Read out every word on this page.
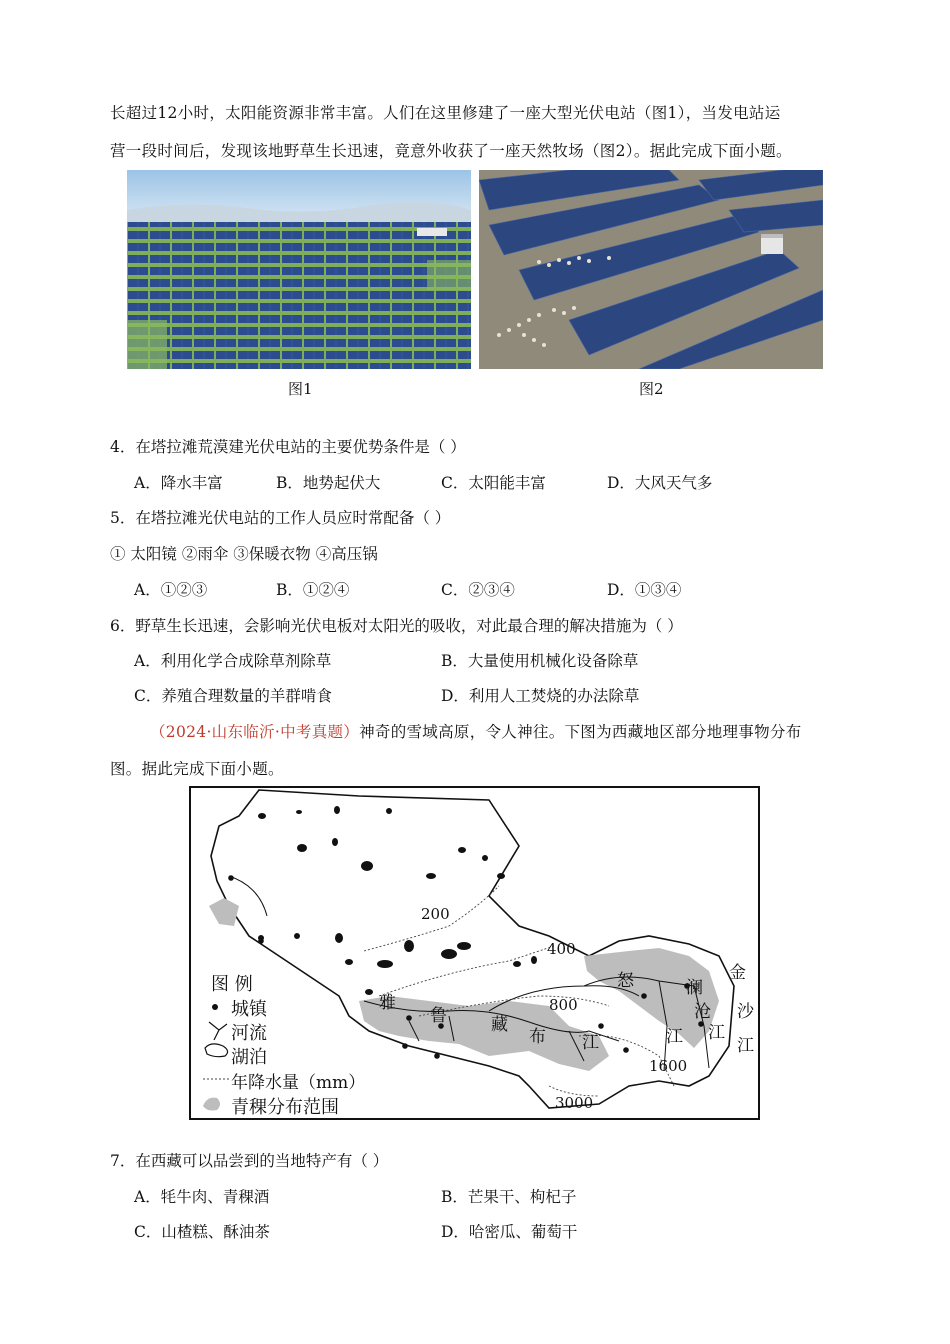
长超过12小时，太阳能资源非常丰富。人们在这里修建了一座大型光伏电站（图1），当发电站运
营一段时间后，发现该地野草生长迅速，竟意外收获了一座天然牧场（图2）。据此完成下面小题。
图1	图2
4．在塔拉滩荒漠建光伏电站的主要优势条件是（ ）
A．降水丰富	B．地势起伏大	C．太阳能丰富	D．大风天气多
5．在塔拉滩光伏电站的工作人员应时常配备（ ）
① 太阳镜 ②雨伞 ③保暖衣物 ④高压锅
A．①②③	B．①②④	C．②③④	D．①③④
6．野草生长迅速，会影响光伏电板对太阳光的吸收，对此最合理的解决措施为（ ）
A．利用化学合成除草剂除草	B．大量使用机械化设备除草
C．养殖合理数量的羊群啃食	D．利用人工焚烧的办法除草
（2024·山东临沂·中考真题）神奇的雪域高原，令人神往。下图为西藏地区部分地理事物分布
图。据此完成下面小题。
图 例
城镇
河流
湖泊
年降水量（mm）
青稞分布范围
200
400
800
1600
3000
雅
鲁	藏
布 江
怒	澜
沧
江
金
沙
江
江
7．在西藏可以品尝到的当地特产有（ ）
A．牦牛肉、青稞酒	B．芒果干、枸杞子
C．山楂糕、酥油茶	D．哈密瓜、葡萄干
